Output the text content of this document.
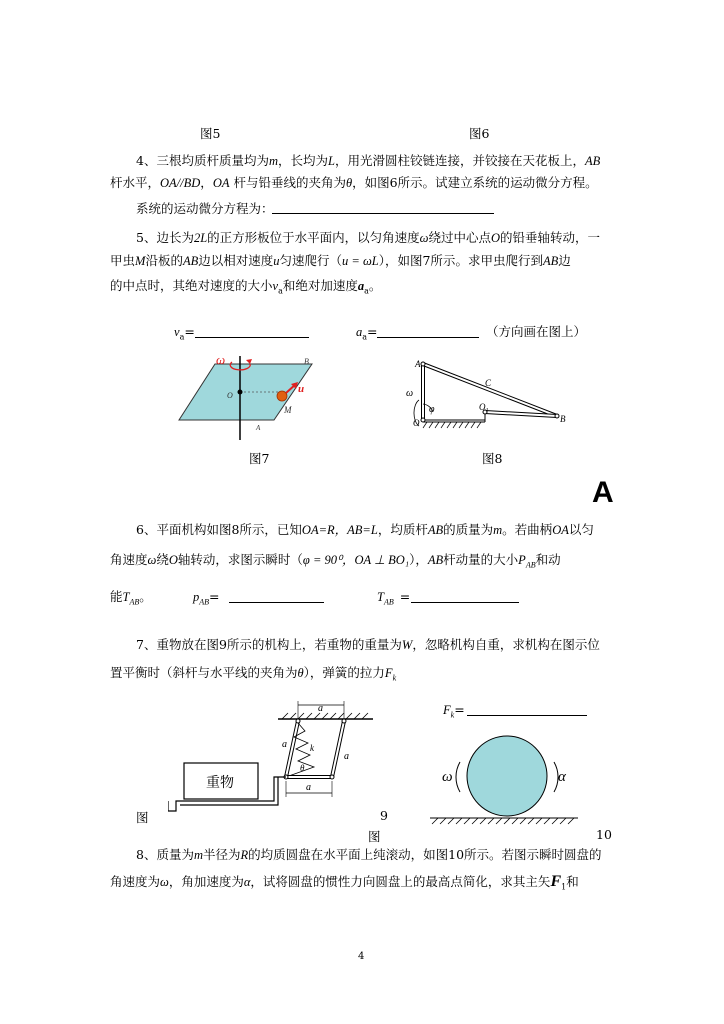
图5	图6
4、三根均质杆质量均为m，长均为L，用光滑圆柱铰链连接，并铰接在天花板上，AB
杆水平，OA//BD，OA 杆与铅垂线的夹角为θ，如图6所示。试建立系统的运动微分方程。
系统的运动微分方程为：
5、边长为2L的正方形板位于水平面内，以匀角速度ω绕过中心点O的铅垂轴转动，一
甲虫M沿板的AB边以相对速度u匀速爬行（u = ωL），如图7所示。求甲虫爬行到AB边
的中点时，其绝对速度的大小$v_a$和绝对加速度$a_a$。
$v_a=$	$a_a=$	（方向画在图上）
ω	B
O
u
M
A
图7
A
C
ω
φ	$O_1$
B
O
图8
A
6、平面机构如图8所示，已知OA=R，AB=L，均质杆AB的质量为m。若曲柄OA以匀
角速度ω绕O轴转动，求图示瞬时（φ = 90⁰，OA ⊥ BO₁），AB杆动量的大小$P_{AB}$和动
能$T_{AB}$。	$p_{AB}=$	$T_{AB}$ =
7、重物放在图9所示的机构上，若重物的重量为W，忽略机构自重，求机构在图示位
置平衡时（斜杆与水平线的夹角为θ），弹簧的拉力$F_k$
$F_k=$
重物
a
a	k
θ
a
a
图	9
ω	α
图	10
8、质量为m半径为R的均质圆盘在水平面上纯滚动，如图10所示。若图示瞬时圆盘的
角速度为ω，角加速度为α，试将圆盘的惯性力向圆盘上的最高点简化，求其主矢$F_1$和
4
